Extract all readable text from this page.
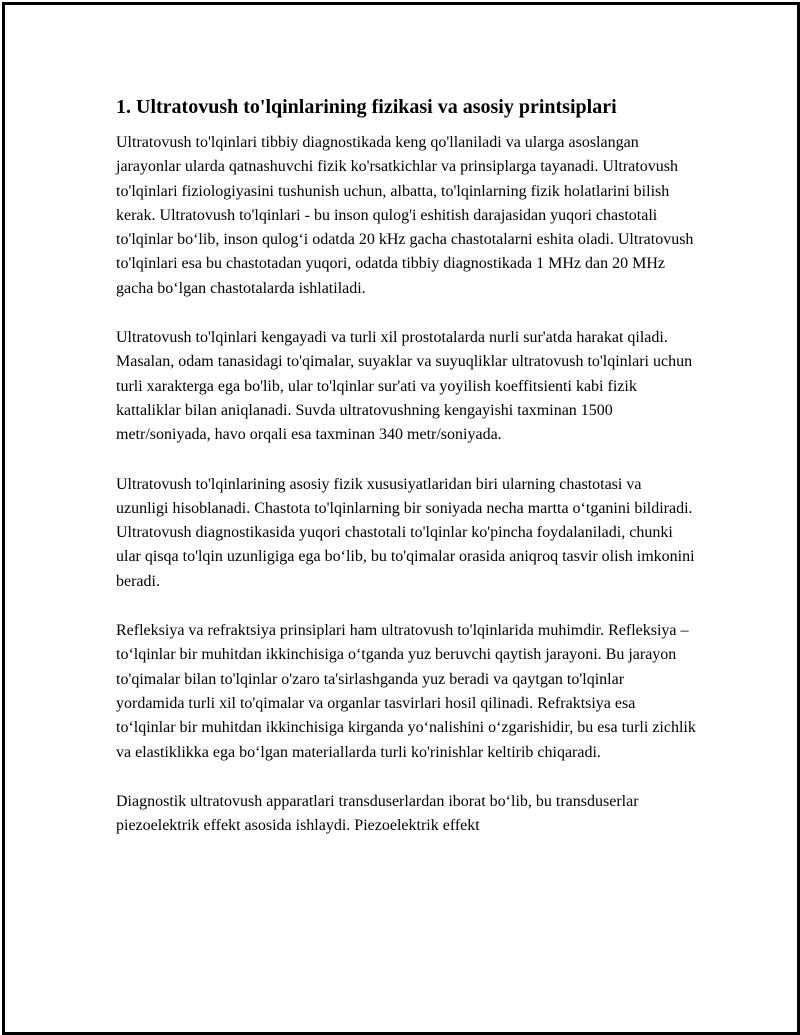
1. Ultratovush to'lqinlarining fizikasi va asosiy printsiplari

Ultratovush to'lqinlari tibbiy diagnostikada keng qo'llaniladi va ularga asoslangan jarayonlar ularda qatnashuvchi fizik ko'rsatkichlar va prinsiplarga tayanadi. Ultratovush to'lqinlari fiziologiyasini tushunish uchun, albatta, to'lqinlarning fizik holatlarini bilish kerak. Ultratovush to'lqinlari - bu inson qulog'i eshitish darajasidan yuqori chastotali to'lqinlar bo‘lib, inson qulog‘i odatda 20 kHz gacha chastotalarni eshita oladi. Ultratovush to'lqinlari esa bu chastotadan yuqori, odatda tibbiy diagnostikada 1 MHz dan 20 MHz gacha bo‘lgan chastotalarda ishlatiladi.

Ultratovush to'lqinlari kengayadi va turli xil prostotalarda nurli sur'atda harakat qiladi. Masalan, odam tanasidagi to'qimalar, suyaklar va suyuqliklar ultratovush to'lqinlari uchun turli xarakterga ega bo'lib, ular to'lqinlar sur'ati va yoyilish koeffitsienti kabi fizik kattaliklar bilan aniqlanadi. Suvda ultratovushning kengayishi taxminan 1500 metr/soniyada, havo orqali esa taxminan 340 metr/soniyada.

Ultratovush to'lqinlarining asosiy fizik xususiyatlaridan biri ularning chastotasi va uzunligi hisoblanadi. Chastota to'lqinlarning bir soniyada necha martta o‘tganini bildiradi. Ultratovush diagnostikasida yuqori chastotali to'lqinlar ko'pincha foydalaniladi, chunki ular qisqa to'lqin uzunligiga ega bo‘lib, bu to'qimalar orasida aniqroq tasvir olish imkonini beradi.

Refleksiya va refraktsiya prinsiplari ham ultratovush to'lqinlarida muhimdir. Refleksiya – to‘lqinlar bir muhitdan ikkinchisiga o‘tganda yuz beruvchi qaytish jarayoni. Bu jarayon to'qimalar bilan to'lqinlar o'zaro ta'sirlashganda yuz beradi va qaytgan to'lqinlar yordamida turli xil to'qimalar va organlar tasvirlari hosil qilinadi. Refraktsiya esa to‘lqinlar bir muhitdan ikkinchisiga kirganda yo‘nalishini o‘zgarishidir, bu esa turli zichlik va elastiklikka ega bo‘lgan materiallarda turli ko'rinishlar keltirib chiqaradi.

Diagnostik ultratovush apparatlari transduserlardan iborat bo‘lib, bu transduserlar piezoelektrik effekt asosida ishlaydi. Piezoelektrik effekt
